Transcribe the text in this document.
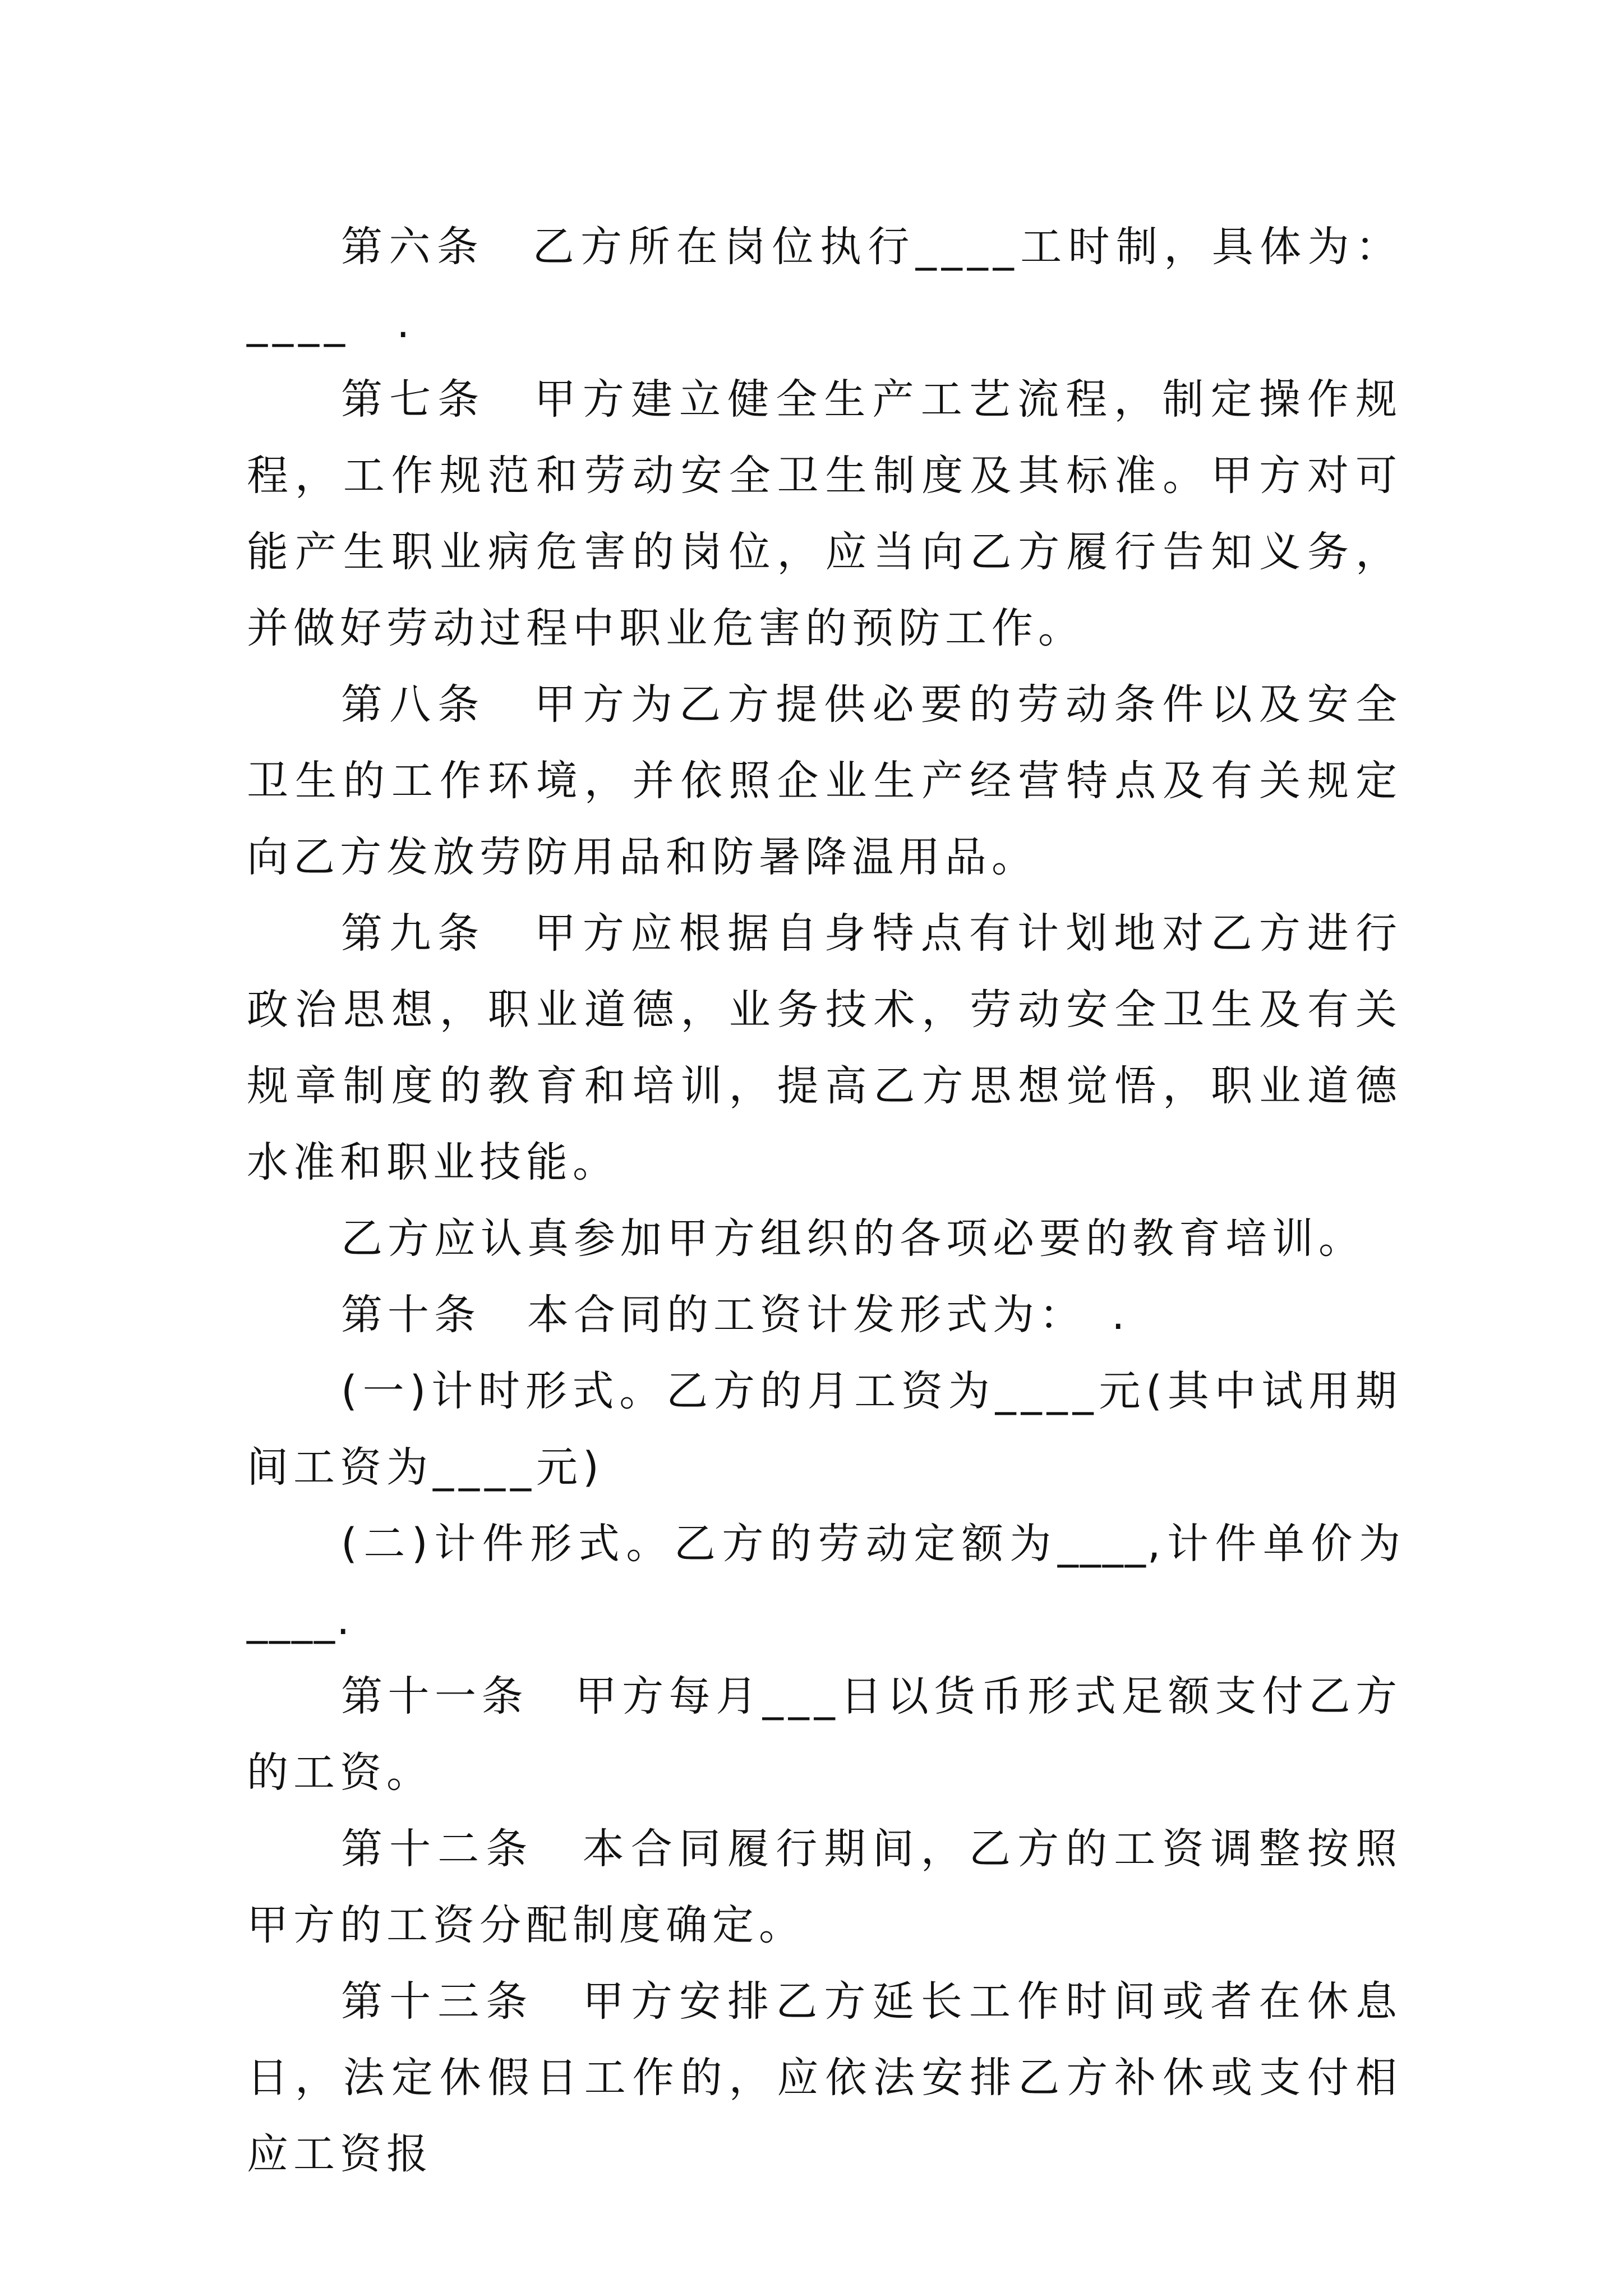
第六条　乙方所在岗位执行____工时制，具体为：____　.

第七条　甲方建立健全生产工艺流程，制定操作规程，工作规范和劳动安全卫生制度及其标准。甲方对可能产生职业病危害的岗位，应当向乙方履行告知义务，并做好劳动过程中职业危害的预防工作。

第八条　甲方为乙方提供必要的劳动条件以及安全卫生的工作环境，并依照企业生产经营特点及有关规定向乙方发放劳防用品和防暑降温用品。

第九条　甲方应根据自身特点有计划地对乙方进行政治思想，职业道德，业务技术，劳动安全卫生及有关规章制度的教育和培训，提高乙方思想觉悟，职业道德水准和职业技能。

乙方应认真参加甲方组织的各项必要的教育培训。

第十条　本合同的工资计发形式为：　.

(一)计时形式。乙方的月工资为____元(其中试用期间工资为____元)

(二)计件形式。乙方的劳动定额为____,计件单价为____.

第十一条　甲方每月___日以货币形式足额支付乙方的工资。

第十二条　本合同履行期间，乙方的工资调整按照甲方的工资分配制度确定。

第十三条　甲方安排乙方延长工作时间或者在休息日，法定休假日工作的，应依法安排乙方补休或支付相应工资报
